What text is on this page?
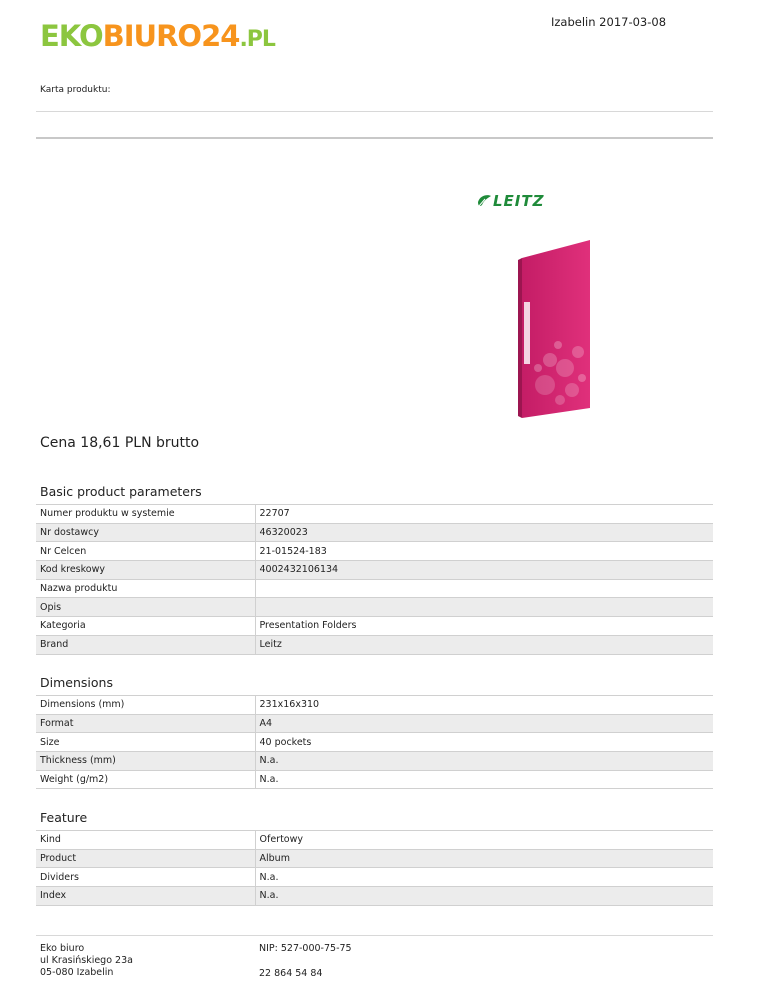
EKOBIURO24.PL
Izabelin 2017-03-08
Karta produktu:
LEITZ
Cena 18,61 PLN brutto
Basic product parameters
Numer produktu w systemie	22707
Nr dostawcy	46320023
Nr Celcen	21-01524-183
Kod kreskowy	4002432106134
Nazwa produktu	
Opis	
Kategoria	Presentation Folders
Brand	Leitz
Dimensions
Dimensions (mm)	231x16x310
Format	A4
Size	40 pockets
Thickness (mm)	N.a.
Weight (g/m2)	N.a.
Feature
Kind	Ofertowy
Product	Album
Dividers	N.a.
Index	N.a.
Eko biuro
ul Krasińskiego 23a
05-080 Izabelin
NIP: 527-000-75-75
22 864 54 84
